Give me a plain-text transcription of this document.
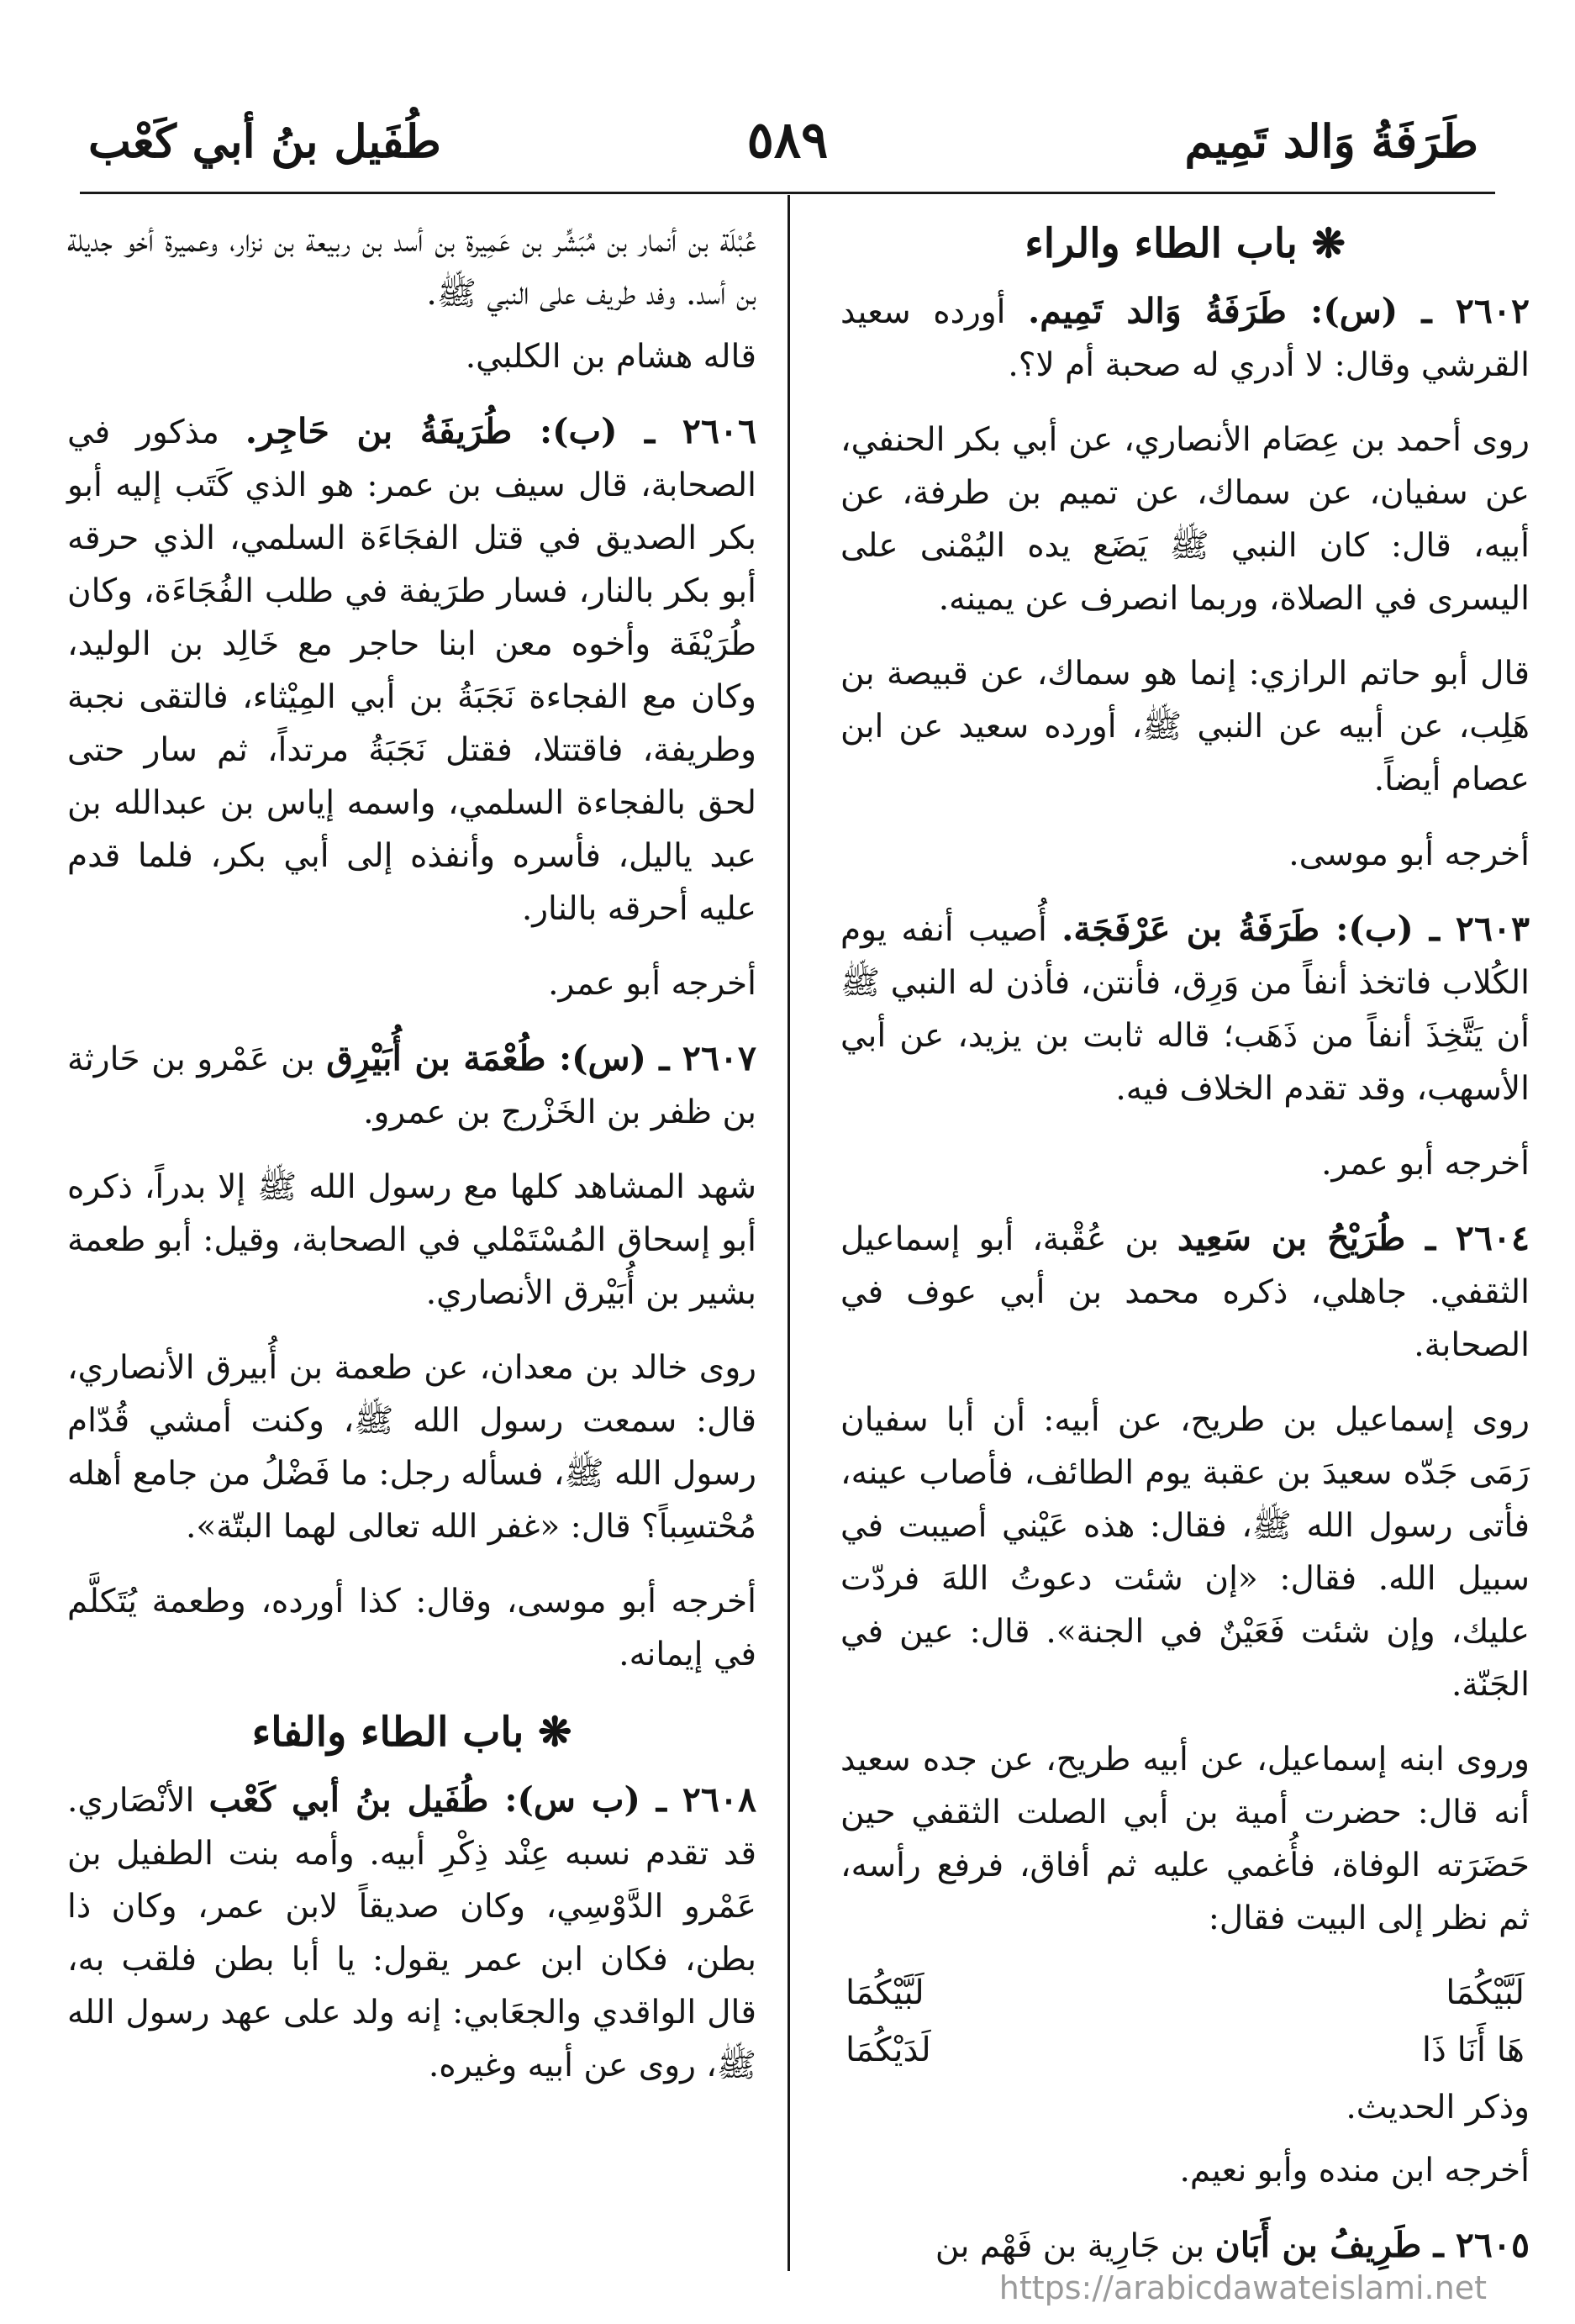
طَرَفَةُ وَالد تَمِيم
٥٨٩
طُفَيل بنُ أبي كَعْب
❋ باب الطاء والراء

٢٦٠٢ ـ (س): طَرَفَةُ وَالد تَمِيم. أورده سعيد القرشي وقال: لا أدري له صحبة أم لا؟.

روى أحمد بن عِصَام الأنصاري، عن أبي بكر الحنفي، عن سفيان، عن سماك، عن تميم بن طرفة، عن أبيه، قال: كان النبي ﷺ يَضَع يده اليُمْنى على اليسرى في الصلاة، وربما انصرف عن يمينه.

قال أبو حاتم الرازي: إنما هو سماك، عن قبيصة بن هَلِب، عن أبيه عن النبي ﷺ، أورده سعيد عن ابن عصام أيضاً.

أخرجه أبو موسى.

٢٦٠٣ ـ (ب): طَرَفَةُ بن عَرْفَجَة. أُصيب أنفه يوم الكُلاب فاتخذ أنفاً من وَرِق، فأنتن، فأذن له النبي ﷺ أن يَتَّخِذَ أنفاً من ذَهَب؛ قاله ثابت بن يزيد، عن أبي الأسهب، وقد تقدم الخلاف فيه.

أخرجه أبو عمر.

٢٦٠٤ ـ طُرَيْحُ بن سَعِيد بن عُقْبة، أبو إسماعيل الثقفي. جاهلي، ذكره محمد بن أبي عوف في الصحابة.

روى إسماعيل بن طريح، عن أبيه: أن أبا سفيان رَمَى جَدّه سعيدَ بن عقبة يوم الطائف، فأصاب عينه، فأتى رسول الله ﷺ، فقال: هذه عَيْني أصيبت في سبيل الله. فقال: «إن شئت دعوتُ اللهَ فردّت عليك، وإن شئت فَعَيْنٌ في الجنة». قال: عين في الجَنّة.

وروى ابنه إسماعيل، عن أبيه طريح، عن جده سعيد أنه قال: حضرت أمية بن أبي الصلت الثقفي حين حَضَرَته الوفاة، فأُغمي عليه ثم أفاق، فرفع رأسه، ثم نظر إلى البيت فقال:

لَبَّيْكُمَا
لَبَّيْكُمَا
هَا أَنَا ذَا
لَدَيْكُمَا

وذكر الحديث.

أخرجه ابن منده وأبو نعيم.

٢٦٠٥ ـ طَرِيفُ بن أَبَان بن جَارِية بن فَهْم بن

عُبْلَة بن أنمار بن مُبَشِّر بن عَمِيرة بن أسد بن ربيعة بن نزار، وعميرة أخو جديلة بن أسد. وفد طريف على النبي ﷺ.

قاله هشام بن الكلبي.

٢٦٠٦ ـ (ب): طُرَيفَةُ بن حَاجِر. مذكور في الصحابة، قال سيف بن عمر: هو الذي كَتَب إليه أبو بكر الصديق في قتل الفجَاءَة السلمي، الذي حرقه أبو بكر بالنار، فسار طرَيفة في طلب الفُجَاءَة، وكان طُرَيْفَة وأخوه معن ابنا حاجر مع خَالِد بن الوليد، وكان مع الفجاءة نَجَبَةُ بن أبي المِيْثاء، فالتقى نجبة وطريفة، فاقتتلا، فقتل نَجَبَةُ مرتداً، ثم سار حتى لحق بالفجاءة السلمي، واسمه إياس بن عبدالله بن عبد ياليل، فأسره وأنفذه إلى أبي بكر، فلما قدم عليه أحرقه بالنار.

أخرجه أبو عمر.

٢٦٠٧ ـ (س): طُعْمَة بن أُبَيْرِق بن عَمْرو بن حَارثة بن ظفر بن الخَزْرج بن عمرو.

شهد المشاهد كلها مع رسول الله ﷺ إلا بدراً، ذكره أبو إسحاق المُسْتَمْلي في الصحابة، وقيل: أبو طعمة بشير بن أُبَيْرق الأنصاري.

روى خالد بن معدان، عن طعمة بن أُبيرق الأنصاري، قال: سمعت رسول الله ﷺ، وكنت أمشي قُدّام رسول الله ﷺ، فسأله رجل: ما فَضْلُ من جامع أهله مُحْتسِباً؟ قال: «غفر الله تعالى لهما البتّة».

أخرجه أبو موسى، وقال: كذا أورده، وطعمة يُتَكلَّم في إيمانه.

❋ باب الطاء والفاء

٢٦٠٨ ـ (ب س): طُفَيل بنُ أبي كَعْب الأنْصَاري. قد تقدم نسبه عِنْد ذِكْرِ أبيه. وأمه بنت الطفيل بن عَمْرو الدَّوْسِي، وكان صديقاً لابن عمر، وكان ذا بطن، فكان ابن عمر يقول: يا أبا بطن فلقب به، قال الواقدي والجعَابي: إنه ولد على عهد رسول الله ﷺ، روى عن أبيه وغيره.

https://arabicdawateislami.net
